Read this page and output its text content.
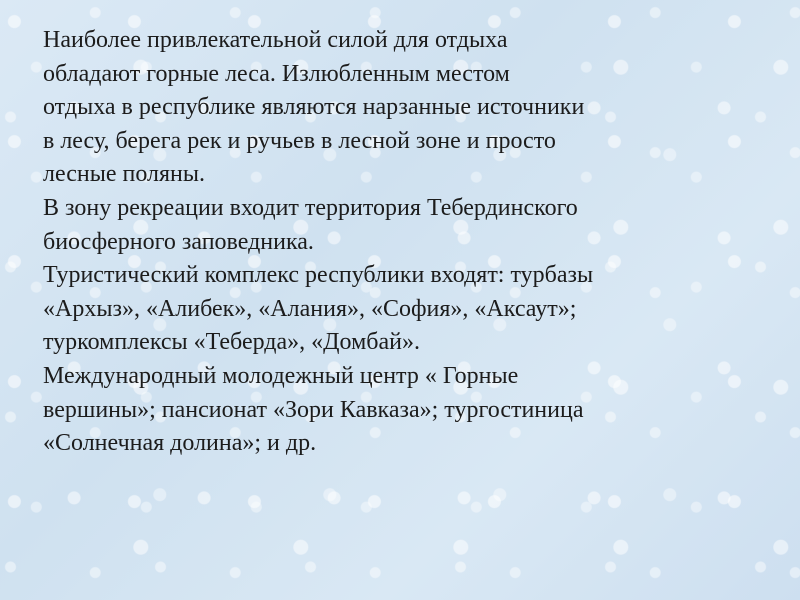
Наиболее привлекательной силой для отдыха
обладают горные леса. Излюбленным местом
отдыха в республике являются нарзанные источники
в лесу, берега рек и ручьев в лесной зоне и просто
лесные поляны.
В зону рекреации входит территория Тебердинского
биосферного заповедника.
Туристический комплекс республики входят: турбазы
«Архыз», «Алибек», «Алания», «София», «Аксаут»;
туркомплексы «Теберда», «Домбай».
Международный молодежный центр « Горные
вершины»; пансионат «Зори Кавказа»; тургостиница
«Солнечная долина»; и др.
